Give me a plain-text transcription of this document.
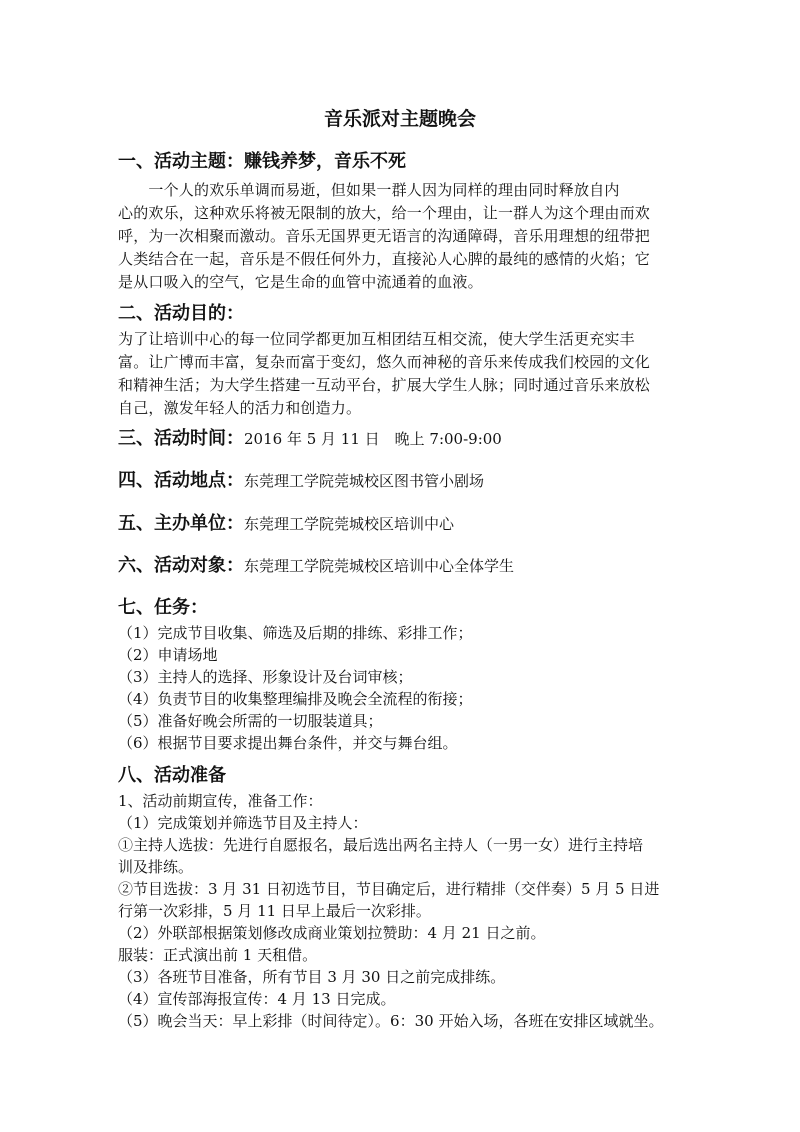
音乐派对主题晚会
一、活动主题：赚钱养梦，音乐不死
　　一个人的欢乐单调而易逝，但如果一群人因为同样的理由同时释放自内
心的欢乐，这种欢乐将被无限制的放大，给一个理由，让一群人为这个理由而欢
呼，为一次相聚而激动。音乐无国界更无语言的沟通障碍，音乐用理想的纽带把
人类结合在一起，音乐是不假任何外力，直接沁人心脾的最纯的感情的火焰；它
是从口吸入的空气，它是生命的血管中流通着的血液。
二、活动目的：
为了让培训中心的每一位同学都更加互相团结互相交流，使大学生活更充实丰
富。让广博而丰富，复杂而富于变幻，悠久而神秘的音乐来传成我们校园的文化
和精神生活；为大学生搭建一互动平台，扩展大学生人脉；同时通过音乐来放松
自己，激发年轻人的活力和创造力。
三、活动时间：2016 年 5 月 11 日　晚上 7:00-9:00
四、活动地点：东莞理工学院莞城校区图书管小剧场
五、主办单位：东莞理工学院莞城校区培训中心
六、活动对象：东莞理工学院莞城校区培训中心全体学生
七、任务：
（1）完成节目收集、筛选及后期的排练、彩排工作；
（2）申请场地
（3）主持人的选择、形象设计及台词审核；
（4）负责节目的收集整理编排及晚会全流程的衔接；
（5）准备好晚会所需的一切服装道具；
（6）根据节目要求提出舞台条件，并交与舞台组。
八、活动准备
1、活动前期宣传，准备工作：
（1）完成策划并筛选节目及主持人：
①主持人选拔：先进行自愿报名，最后选出两名主持人（一男一女）进行主持培
训及排练。
②节目选拔：3 月 31 日初选节目，节目确定后，进行精排（交伴奏）5 月 5 日进
行第一次彩排，5 月 11 日早上最后一次彩排。
（2）外联部根据策划修改成商业策划拉赞助：4 月 21 日之前。
服装：正式演出前 1 天租借。
（3）各班节目准备，所有节目 3 月 30 日之前完成排练。
（4）宣传部海报宣传：4 月 13 日完成。
（5）晚会当天：早上彩排（时间待定）。6：30 开始入场，各班在安排区域就坐。
